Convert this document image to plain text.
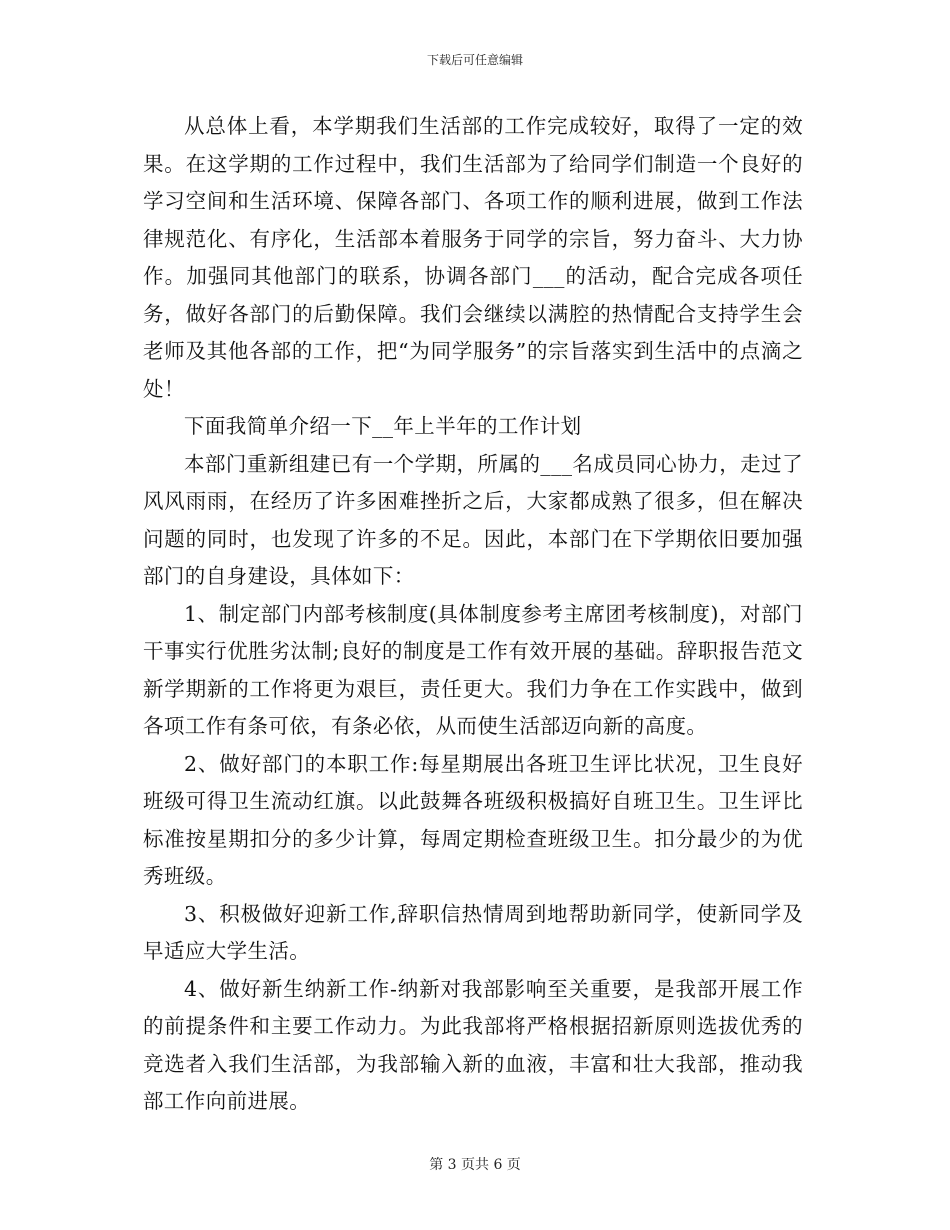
下载后可任意编辑

从总体上看，本学期我们生活部的工作完成较好，取得了一定的效果。在这学期的工作过程中，我们生活部为了给同学们制造一个良好的学习空间和生活环境、保障各部门、各项工作的顺利进展，做到工作法律规范化、有序化，生活部本着服务于同学的宗旨，努力奋斗、大力协作。加强同其他部门的联系，协调各部门___的活动，配合完成各项任务，做好各部门的后勤保障。我们会继续以满腔的热情配合支持学生会老师及其他各部的工作，把“为同学服务”的宗旨落实到生活中的点滴之处！

下面我简单介绍一下__年上半年的工作计划

本部门重新组建已有一个学期，所属的___名成员同心协力，走过了风风雨雨，在经历了许多困难挫折之后，大家都成熟了很多，但在解决问题的同时，也发现了许多的不足。因此，本部门在下学期依旧要加强部门的自身建设，具体如下：

1、制定部门内部考核制度(具体制度参考主席团考核制度)，对部门干事实行优胜劣汰制;良好的制度是工作有效开展的基础。辞职报告范文新学期新的工作将更为艰巨，责任更大。我们力争在工作实践中，做到各项工作有条可依，有条必依，从而使生活部迈向新的高度。

2、做好部门的本职工作:每星期展出各班卫生评比状况，卫生良好班级可得卫生流动红旗。以此鼓舞各班级积极搞好自班卫生。卫生评比标准按星期扣分的多少计算，每周定期检查班级卫生。扣分最少的为优秀班级。

3、积极做好迎新工作,辞职信热情周到地帮助新同学，使新同学及早适应大学生活。

4、做好新生纳新工作-纳新对我部影响至关重要，是我部开展工作的前提条件和主要工作动力。为此我部将严格根据招新原则选拔优秀的竞选者入我们生活部，为我部输入新的血液，丰富和壮大我部，推动我部工作向前进展。

第 3 页共 6 页
